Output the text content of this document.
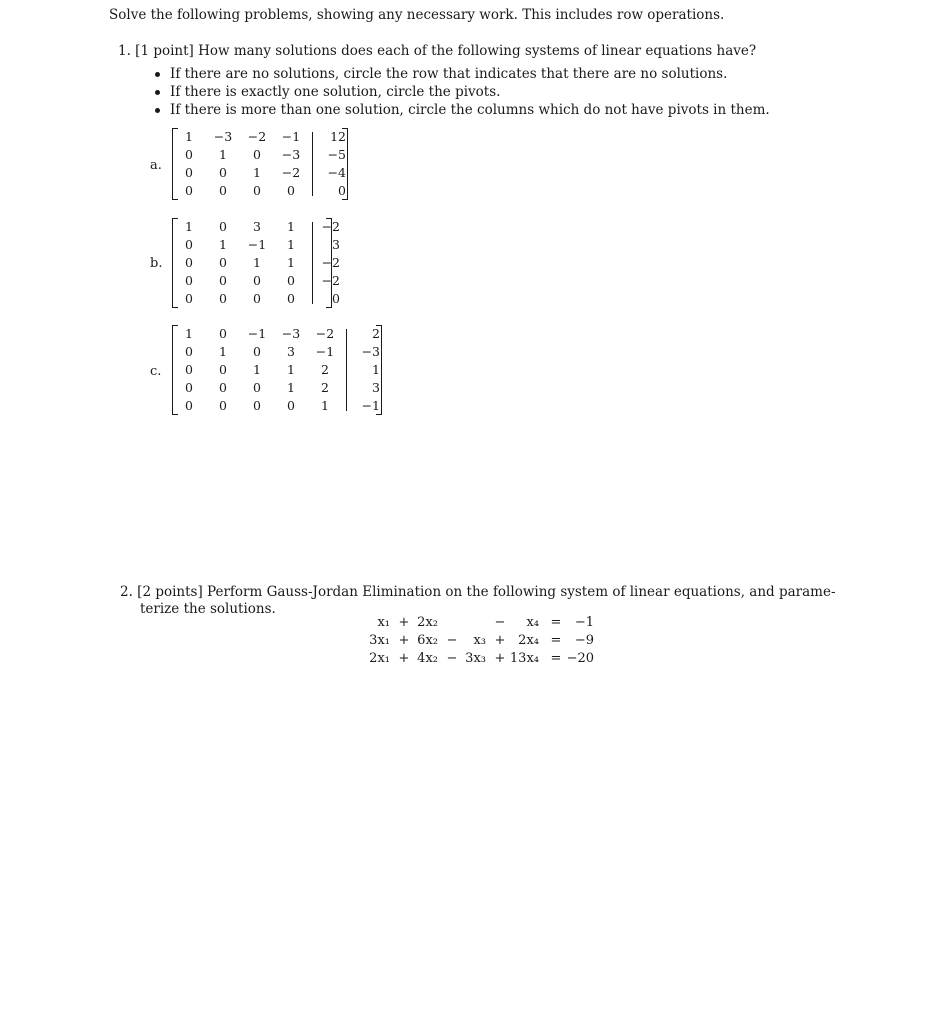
Solve the following problems, showing any necessary work. This includes row operations.
1. [1 point] How many solutions does each of the following systems of linear equations have?
If there are no solutions, circle the row that indicates that there are no solutions.
If there is exactly one solution, circle the pivots.
If there is more than one solution, circle the columns which do not have pivots in them.
a.
1	−3	−2	−1	12
0	1	0	−3	−5
0	0	1	−2	−4
0	0	0	0	0
b.
1	0	3	1	−2
0	1	−1	1	3
0	0	1	1	−2
0	0	0	0	−2
0	0	0	0	0
c.
1	0	−1	−3	−2	2
0	1	0	3	−1	−3
0	0	1	1	2	1
0	0	0	1	2	3
0	0	0	0	1	−1
2. [2 points] Perform Gauss-Jordan Elimination on the following system of linear equations, and parame-
terize the solutions.
x₁ + 2x₂	− x₄ = −1
3x₁ + 6x₂ − x₃ + 2x₄ = −9
2x₁ + 4x₂ − 3x₃ + 13x₄ = −20
